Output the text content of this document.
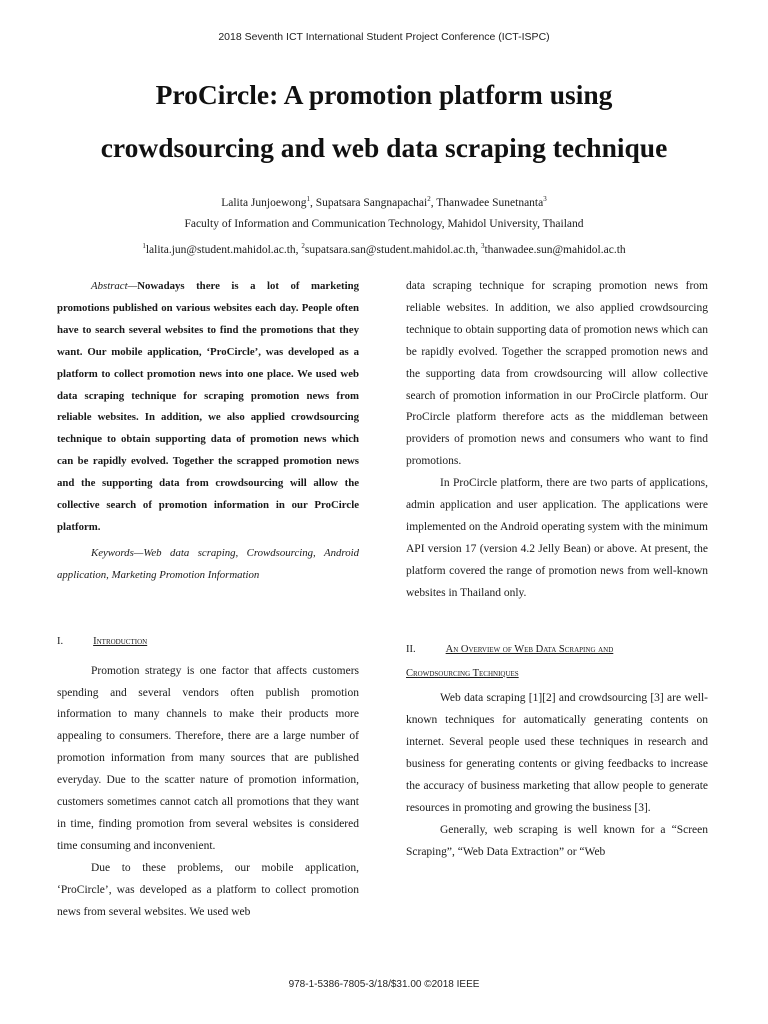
2018 Seventh ICT International Student Project Conference (ICT-ISPC)
ProCircle: A promotion platform using
crowdsourcing and web data scraping technique
Lalita Junjoewong$^1$, Supatsara Sangnapachai$^2$, Thanwadee Sunetnanta$^3$
Faculty of Information and Communication Technology, Mahidol University, Thailand
$^1$lalita.jun@student.mahidol.ac.th, $^2$supatsara.san@student.mahidol.ac.th, $^3$thanwadee.sun@mahidol.ac.th

Abstract—Nowadays there is a lot of marketing promotions published on various websites each day. People often have to search several websites to find the promotions that they want. Our mobile application, ‘ProCircle’, was developed as a platform to collect promotion news into one place. We used web data scraping technique for scraping promotion news from reliable websites. In addition, we also applied crowdsourcing technique to obtain supporting data of promotion news which can be rapidly evolved. Together the scrapped promotion news and the supporting data from crowdsourcing will allow the collective search of promotion information in our ProCircle platform.

Keywords—Web data scraping, Crowdsourcing, Android application, Marketing Promotion Information

I.	Introduction

Promotion strategy is one factor that affects customers spending and several vendors often publish promotion information to many channels to make their products more appealing to consumers. Therefore, there are a large number of promotion information from many sources that are published everyday. Due to the scatter nature of promotion information, customers sometimes cannot catch all promotions that they want in time, finding promotion from several websites is considered time consuming and inconvenient.

Due to these problems, our mobile application, ‘ProCircle’, was developed as a platform to collect promotion news from several websites. We used web

data scraping technique for scraping promotion news from reliable websites. In addition, we also applied crowdsourcing technique to obtain supporting data of promotion news which can be rapidly evolved. Together the scrapped promotion news and the supporting data from crowdsourcing will allow collective search of promotion information in our ProCircle platform. Our ProCircle platform therefore acts as the middleman between providers of promotion news and consumers who want to find promotions.

In ProCircle platform, there are two parts of applications, admin application and user application. The applications were implemented on the Android operating system with the minimum API version 17 (version 4.2 Jelly Bean) or above. At present, the platform covered the range of promotion news from well-known websites in Thailand only.

II.	An Overview of Web Data Scraping and

Crowdsourcing Techniques

Web data scraping [1][2] and crowdsourcing [3] are well-known techniques for automatically generating contents on internet. Several people used these techniques in research and business for generating contents or giving feedbacks to increase the accuracy of business marketing that allow people to generate resources in promoting and growing the business [3].

Generally, web scraping is well known for a “Screen Scraping”, “Web Data Extraction” or “Web

978-1-5386-7805-3/18/$31.00 ©2018 IEEE
